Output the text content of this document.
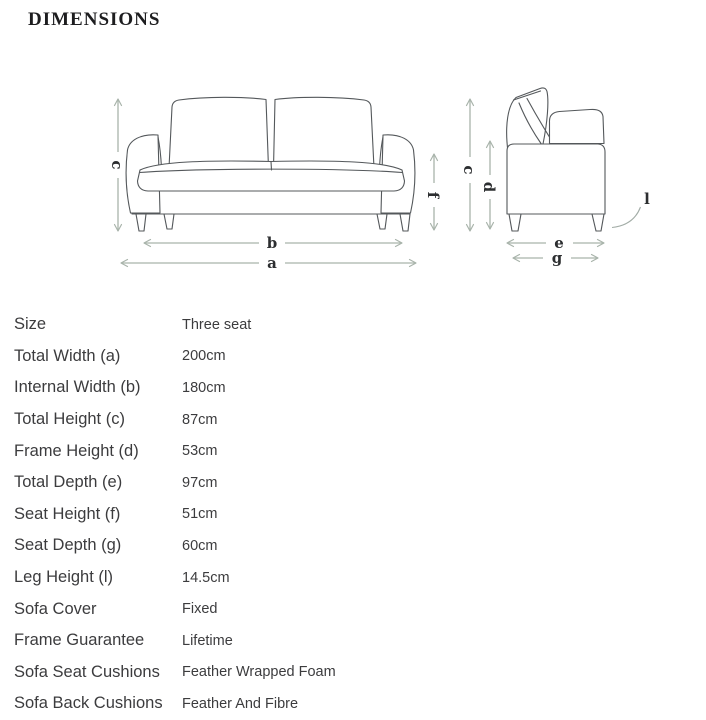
DIMENSIONS
c
f
b
a
c
d
e
g
l
Size	Three seat
Total Width (a)	200cm
Internal Width (b)	180cm
Total Height (c)	87cm
Frame Height (d)	53cm
Total Depth (e)	97cm
Seat Height (f)	51cm
Seat Depth (g)	60cm
Leg Height (l)	14.5cm
Sofa Cover	Fixed
Frame Guarantee	Lifetime
Sofa Seat Cushions	Feather Wrapped Foam
Sofa Back Cushions	Feather And Fibre
